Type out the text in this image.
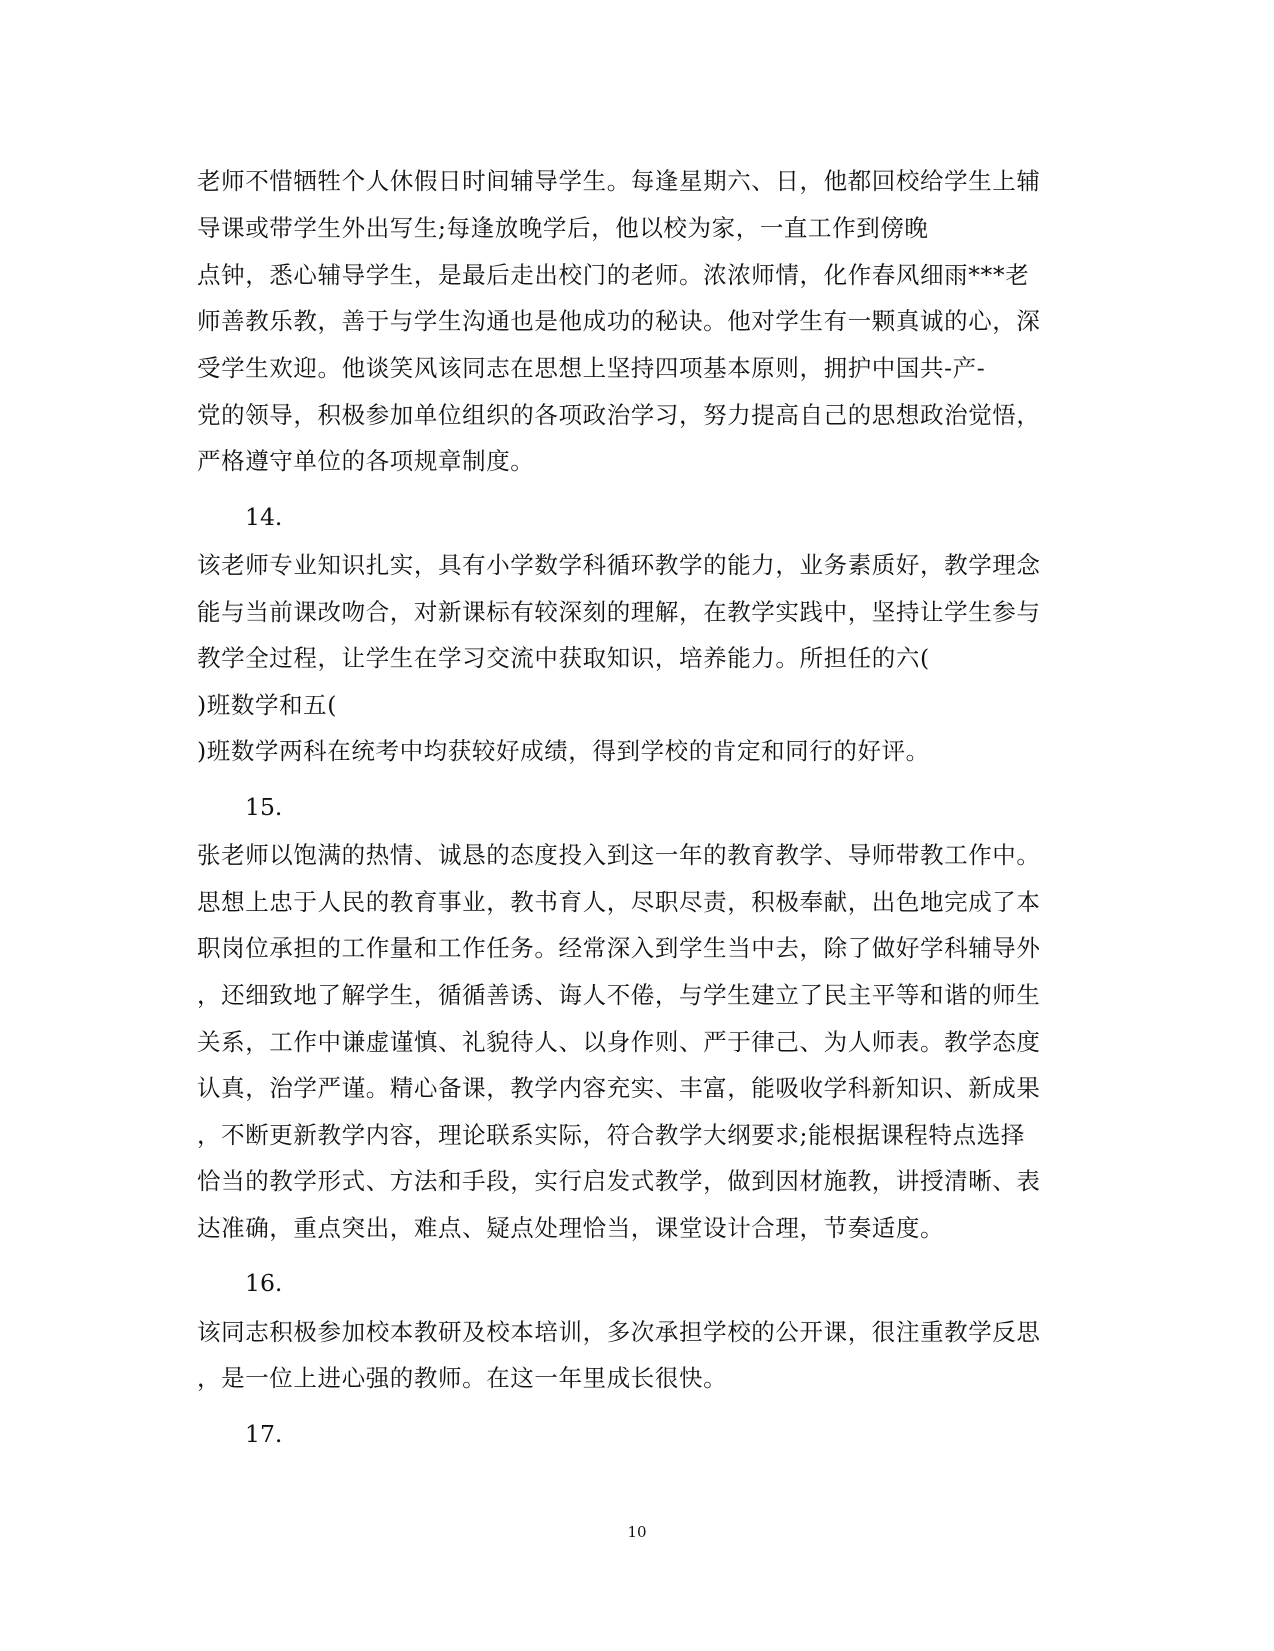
老师不惜牺牲个人休假日时间辅导学生。每逢星期六、日，他都回校给学生上辅
导课或带学生外出写生;每逢放晚学后，他以校为家，一直工作到傍晚
点钟，悉心辅导学生，是最后走出校门的老师。浓浓师情，化作春风细雨***老
师善教乐教，善于与学生沟通也是他成功的秘诀。他对学生有一颗真诚的心，深
受学生欢迎。他谈笑风该同志在思想上坚持四项基本原则，拥护中国共-产-
党的领导，积极参加单位组织的各项政治学习，努力提高自己的思想政治觉悟，
严格遵守单位的各项规章制度。
14.
该老师专业知识扎实，具有小学数学科循环教学的能力，业务素质好，教学理念
能与当前课改吻合，对新课标有较深刻的理解，在教学实践中，坚持让学生参与
教学全过程，让学生在学习交流中获取知识，培养能力。所担任的六(
)班数学和五(
)班数学两科在统考中均获较好成绩，得到学校的肯定和同行的好评。
15.
张老师以饱满的热情、诚恳的态度投入到这一年的教育教学、导师带教工作中。
思想上忠于人民的教育事业，教书育人，尽职尽责，积极奉献，出色地完成了本
职岗位承担的工作量和工作任务。经常深入到学生当中去，除了做好学科辅导外
，还细致地了解学生，循循善诱、诲人不倦，与学生建立了民主平等和谐的师生
关系，工作中谦虚谨慎、礼貌待人、以身作则、严于律己、为人师表。教学态度
认真，治学严谨。精心备课，教学内容充实、丰富，能吸收学科新知识、新成果
，不断更新教学内容，理论联系实际，符合教学大纲要求;能根据课程特点选择
恰当的教学形式、方法和手段，实行启发式教学，做到因材施教，讲授清晰、表
达准确，重点突出，难点、疑点处理恰当，课堂设计合理，节奏适度。
16.
该同志积极参加校本教研及校本培训，多次承担学校的公开课，很注重教学反思
，是一位上进心强的教师。在这一年里成长很快。
17.
10
